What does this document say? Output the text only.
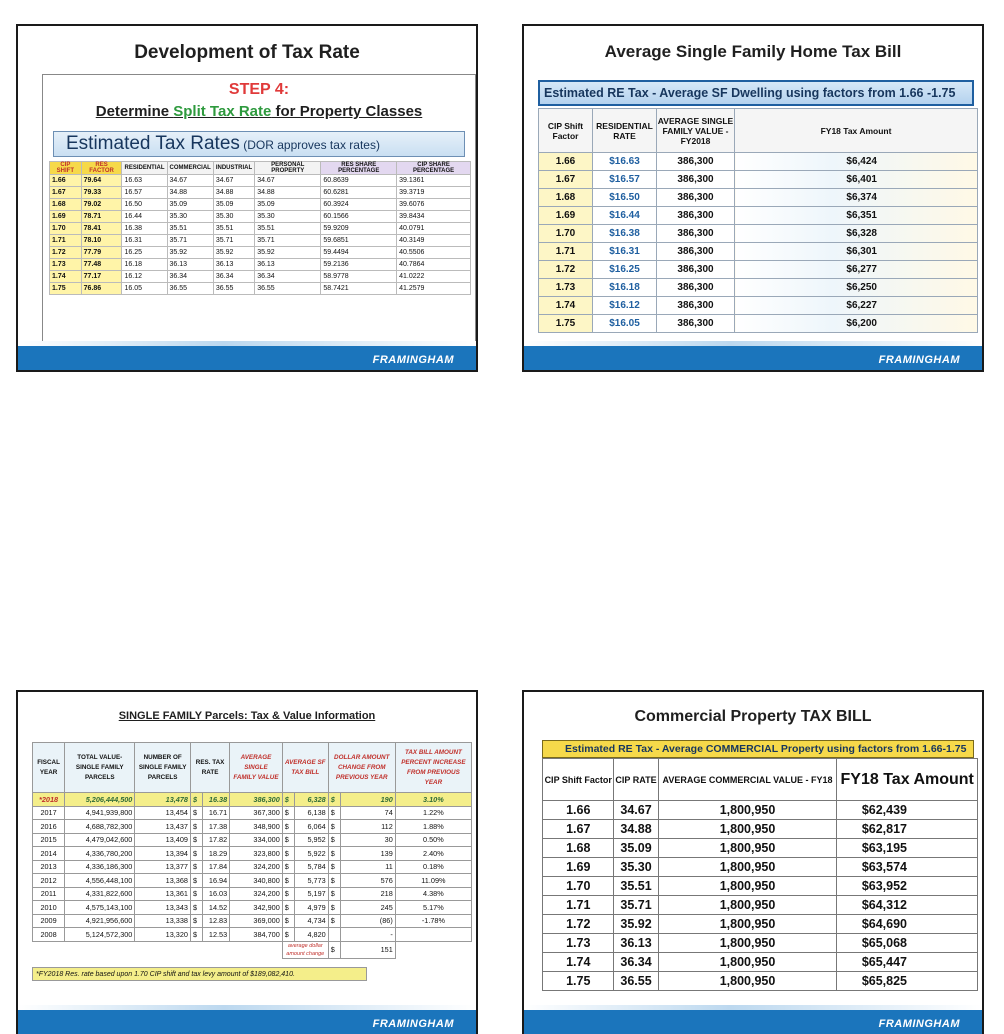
Development of Tax Rate
STEP 4:
Determine Split Tax Rate for Property Classes
Estimated Tax Rates (DOR approves tax rates)
CIP SHIFT	RES FACTOR	RESIDENTIAL	COMMERCIAL	INDUSTRIAL	PERSONAL PROPERTY	RES SHARE PERCENTAGE	CIP SHARE PERCENTAGE
1.66	79.64	16.63	34.67	34.67	34.67	60.8639	39.1361
1.67	79.33	16.57	34.88	34.88	34.88	60.6281	39.3719
1.68	79.02	16.50	35.09	35.09	35.09	60.3924	39.6076
1.69	78.71	16.44	35.30	35.30	35.30	60.1566	39.8434
1.70	78.41	16.38	35.51	35.51	35.51	59.9209	40.0791
1.71	78.10	16.31	35.71	35.71	35.71	59.6851	40.3149
1.72	77.79	16.25	35.92	35.92	35.92	59.4494	40.5506
1.73	77.48	16.18	36.13	36.13	36.13	59.2136	40.7864
1.74	77.17	16.12	36.34	36.34	36.34	58.9778	41.0222
1.75	76.86	16.05	36.55	36.55	36.55	58.7421	41.2579
FRAMINGHAM
Average Single Family Home Tax Bill
Estimated RE Tax - Average SF Dwelling using factors from 1.66 -1.75
CIP Shift Factor	RESIDENTIAL RATE	AVERAGE SINGLE FAMILY VALUE - FY2018	FY18 Tax Amount
1.66	$16.63	386,300	$6,424
1.67	$16.57	386,300	$6,401
1.68	$16.50	386,300	$6,374
1.69	$16.44	386,300	$6,351
1.70	$16.38	386,300	$6,328
1.71	$16.31	386,300	$6,301
1.72	$16.25	386,300	$6,277
1.73	$16.18	386,300	$6,250
1.74	$16.12	386,300	$6,227
1.75	$16.05	386,300	$6,200
FRAMINGHAM
SINGLE FAMILY Parcels: Tax & Value Information
FISCAL YEAR	TOTAL VALUE- SINGLE FAMILY PARCELS	NUMBER OF SINGLE FAMILY PARCELS	RES. TAX RATE		AVERAGE SINGLE FAMILY VALUE	AVERAGE SF TAX BILL		DOLLAR AMOUNT CHANGE FROM PREVIOUS YEAR		TAX BILL AMOUNT PERCENT INCREASE FROM PREVIOUS YEAR
*2018	5,206,444,500	13,478	$	16.38	386,300	$	6,328	$	190	3.10%
2017	4,941,939,800	13,454	$	16.71	367,300	$	6,138	$	74	1.22%
2016	4,688,782,300	13,437	$	17.38	348,900	$	6,064	$	112	1.88%
2015	4,479,042,600	13,409	$	17.82	334,000	$	5,952	$	30	0.50%
2014	4,336,780,200	13,394	$	18.29	323,800	$	5,922	$	139	2.40%
2013	4,336,186,300	13,377	$	17.84	324,200	$	5,784	$	11	0.18%
2012	4,556,448,100	13,368	$	16.94	340,800	$	5,773	$	576	11.09%
2011	4,331,822,600	13,361	$	16.03	324,200	$	5,197	$	218	4.38%
2010	4,575,143,100	13,343	$	14.52	342,900	$	4,979	$	245	5.17%
2009	4,921,956,600	13,338	$	12.83	369,000	$	4,734	$	(86)	-1.78%
2008	5,124,572,300	13,320	$	12.53	384,700	$	4,820		-	
						average dollar amount change		$	151	
*FY2018 Res. rate based upon 1.70 CIP shift and tax levy amount of $189,082,410.
FRAMINGHAM
Commercial Property TAX BILL
Estimated RE Tax - Average COMMERCIAL Property using factors from 1.66-1.75
CIP Shift Factor	CIP RATE	AVERAGE COMMERCIAL VALUE - FY18	FY18 Tax Amount
1.66	34.67	1,800,950	$62,439
1.67	34.88	1,800,950	$62,817
1.68	35.09	1,800,950	$63,195
1.69	35.30	1,800,950	$63,574
1.70	35.51	1,800,950	$63,952
1.71	35.71	1,800,950	$64,312
1.72	35.92	1,800,950	$64,690
1.73	36.13	1,800,950	$65,068
1.74	36.34	1,800,950	$65,447
1.75	36.55	1,800,950	$65,825
FRAMINGHAM
